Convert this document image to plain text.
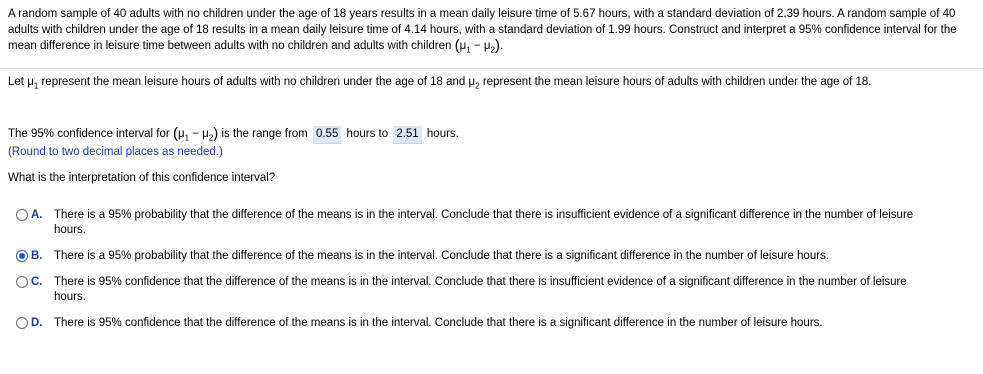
A random sample of 40 adults with no children under the age of 18 years results in a mean daily leisure time of 5.67 hours, with a standard deviation of 2.39 hours. A random sample of 40 adults with children under the age of 18 results in a mean daily leisure time of 4.14 hours, with a standard deviation of 1.99 hours. Construct and interpret a 95% confidence interval for the mean difference in leisure time between adults with no children and adults with children $(\mu_1 - \mu_2)$.
Let $\mu_1$ represent the mean leisure hours of adults with no children under the age of 18 and $\mu_2$ represent the mean leisure hours of adults with children under the age of 18.
The 95% confidence interval for $(\mu_1 - \mu_2)$ is the range from 0.55 hours to 2.51 hours.
(Round to two decimal places as needed.)
What is the interpretation of this confidence interval?
A. There is a 95% probability that the difference of the means is in the interval. Conclude that there is insufficient evidence of a significant difference in the number of leisure hours.
B. There is a 95% probability that the difference of the means is in the interval. Conclude that there is a significant difference in the number of leisure hours.
C. There is 95% confidence that the difference of the means is in the interval. Conclude that there is insufficient evidence of a significant difference in the number of leisure hours.
D. There is 95% confidence that the difference of the means is in the interval. Conclude that there is a significant difference in the number of leisure hours.
